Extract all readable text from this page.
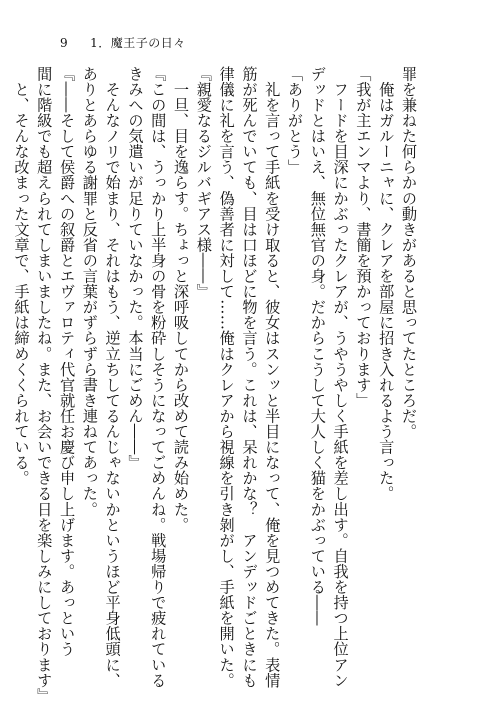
9 1．魔王子の日々

罪を兼ねた何らかの動きがあると思ってたところだ。

　俺はガルーニャに、クレアを部屋に招き入れるよう言った。

「我が主エンマより、書簡を預かっております」

　フードを目深にかぶったクレアが、うやうやしく手紙を差し出す。自我を持つ上位アン

デッドとはいえ、無位無官の身。だからこうして大人しく猫をかぶっている――

「ありがとう」

　礼を言って手紙を受け取ると、彼女はスンッと半目になって、俺を見つめてきた。表情

筋が死んでいても、目は口ほどに物を言う。これは、呆れかな？　アンデッドごときにも

律儀に礼を言う、偽善者に対して……俺はクレアから視線を引き剝がし、手紙を開いた。

『親愛なるジルバギアス様――』

　一旦、目を逸らす。ちょっと深呼吸してから改めて読み始めた。

『この間は、うっかり上半身の骨を粉砕しそうになってごめんね。戦場帰りで疲れている

きみへの気遣いが足りていなかった。本当にごめん――』

　そんなノリで始まり、それはもう、逆立ちしてるんじゃないかというほど平身低頭に、

ありとあらゆる謝罪と反省の言葉がずらずら書き連ねてあった。

『――そして侯爵への叙爵とエヴァロティ代官就任お慶び申し上げます。あっという

間に階級でも超えられてしまいましたね。また、お会いできる日を楽しみにしております』

　と、そんな改まった文章で、手紙は締めくくられている。
